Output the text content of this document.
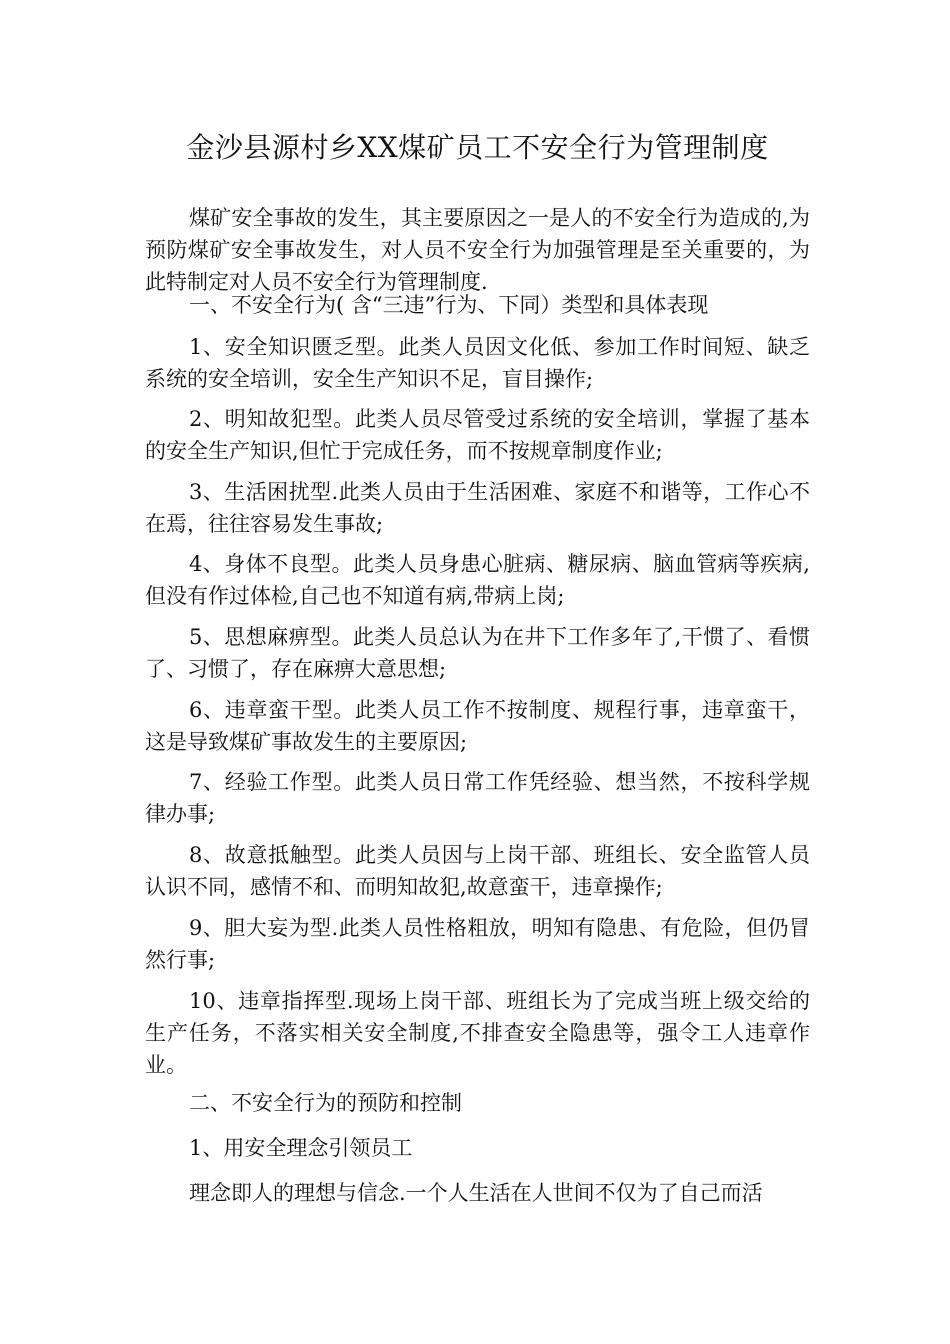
金沙县源村乡XX煤矿员工不安全行为管理制度

煤矿安全事故的发生，其主要原因之一是人的不安全行为造成的,为预防煤矿安全事故发生，对人员不安全行为加强管理是至关重要的，为此特制定对人员不安全行为管理制度.

一、不安全行为( 含“三违”行为、下同）类型和具体表现

1、安全知识匮乏型。此类人员因文化低、参加工作时间短、缺乏系统的安全培训，安全生产知识不足，盲目操作;

2、明知故犯型。此类人员尽管受过系统的安全培训，掌握了基本的安全生产知识,但忙于完成任务，而不按规章制度作业;

3、生活困扰型.此类人员由于生活困难、家庭不和谐等，工作心不在焉，往往容易发生事故;

4、身体不良型。此类人员身患心脏病、糖尿病、脑血管病等疾病,但没有作过体检,自己也不知道有病,带病上岗;

5、思想麻痹型。此类人员总认为在井下工作多年了,干惯了、看惯了、习惯了，存在麻痹大意思想;

6、违章蛮干型。此类人员工作不按制度、规程行事，违章蛮干，这是导致煤矿事故发生的主要原因;

7、经验工作型。此类人员日常工作凭经验、想当然，不按科学规律办事;

8、故意抵触型。此类人员因与上岗干部、班组长、安全监管人员认识不同，感情不和、而明知故犯,故意蛮干，违章操作;

9、胆大妄为型.此类人员性格粗放，明知有隐患、有危险，但仍冒然行事;

10、违章指挥型.现场上岗干部、班组长为了完成当班上级交给的生产任务，不落实相关安全制度,不排查安全隐患等，强令工人违章作业。

二、不安全行为的预防和控制

1、用安全理念引领员工

理念即人的理想与信念.一个人生活在人世间不仅为了自己而活
